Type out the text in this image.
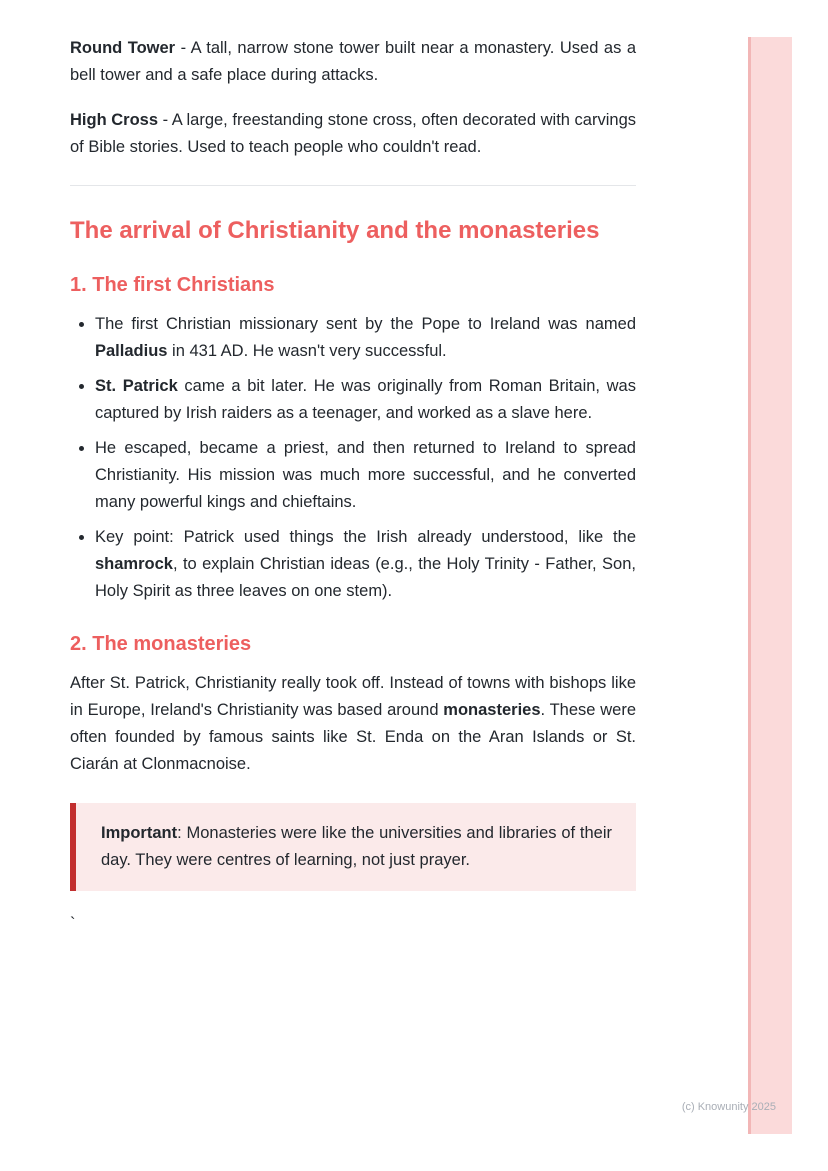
Round Tower - A tall, narrow stone tower built near a monastery. Used as a bell tower and a safe place during attacks.

High Cross - A large, freestanding stone cross, often decorated with carvings of Bible stories. Used to teach people who couldn't read.

The arrival of Christianity and the monasteries
1. The first Christians
• The first Christian missionary sent by the Pope to Ireland was named Palladius in 431 AD. He wasn't very successful.
• St. Patrick came a bit later. He was originally from Roman Britain, was captured by Irish raiders as a teenager, and worked as a slave here.
• He escaped, became a priest, and then returned to Ireland to spread Christianity. His mission was much more successful, and he converted many powerful kings and chieftains.
• Key point: Patrick used things the Irish already understood, like the shamrock, to explain Christian ideas (e.g., the Holy Trinity - Father, Son, Holy Spirit as three leaves on one stem).
2. The monasteries

After St. Patrick, Christianity really took off. Instead of towns with bishops like in Europe, Ireland's Christianity was based around monasteries. These were often founded by famous saints like St. Enda on the Aran Islands or St. Ciarán at Clonmacnoise.

Important: Monasteries were like the universities and libraries of their day. They were centres of learning, not just prayer.

`

(c) Knowunity 2025
